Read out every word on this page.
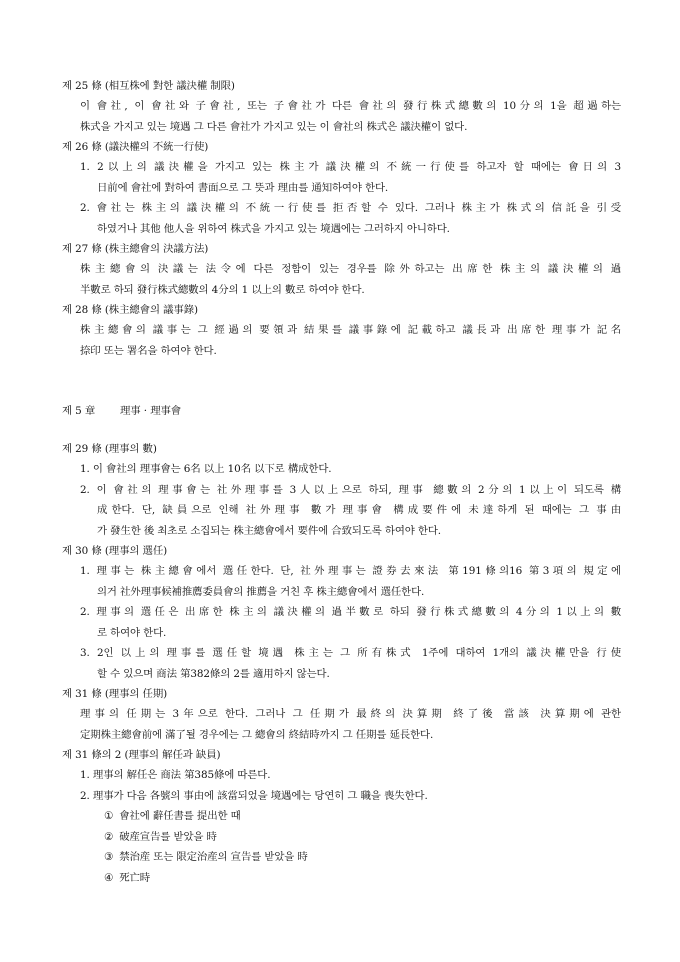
제 25 條 (相互株에 對한 議決權 制限)
이 會社, 이 會社와 子會社, 또는 子會社가 다른 會社의 發行株式總數의 10分의 1을 超過하는
株式을 가지고 있는 境遇 그 다른 會社가 가지고 있는 이 會社의 株式은 議決權이 없다.
제 26 條 (議決權의 不統一行使)
1. 2以上의 議決權을 가지고 있는 株主가 議決權의 不統一行使를 하고자 할 때에는 會日의 3
日前에 會社에 對하여 書面으로 그 뜻과 理由를 通知하여야 한다.
2. 會社는 株主의 議決權의 不統一行使를 拒否할 수 있다. 그러나 株主가 株式의 信託을 引受
하였거나 其他 他人을 위하여 株式을 가지고 있는 境遇에는 그러하지 아니하다.
제 27 條 (株主總會의 決議方法)
株主總會의 決議는 法令에 다른 정함이 있는 경우를 除外하고는 出席한 株主의 議決權의 過
半數로 하되 發行株式總數의 4分의 1 以上의 數로 하여야 한다.
제 28 條 (株主總會의 議事錄)
株主總會의 議事는 그 經過의 要領과 結果를 議事錄에 記載하고 議長과 出席한 理事가 記名
捺印 또는 署名을 하여야 한다.
제 5 章 理事 · 理事會
제 29 條 (理事의 數)
1. 이 會社의 理事會는 6名 以上 10名 以下로 構成한다.
2. 이 會社의 理事會는 社外理事를 3人以上으로 하되, 理事 總數의 2分의 1以上이 되도록 構
成한다. 단, 缺員으로 인해 社外理事 數가 理事會 構成要件에 未達하게 된 때에는 그 事由
가 發生한 後 최초로 소집되는 株主總會에서 要件에 合致되도록 하여야 한다.
제 30 條 (理事의 選任)
1. 理事는 株主總會에서 選任한다. 단, 社外理事는 證券去來法 第191條의16 第3項의 規定에
의거 社外理事候補推薦委員會의 推薦을 거친 후 株主總會에서 選任한다.
2. 理事의 選任은 出席한 株主의 議決權의 過半數로 하되 發行株式總數의 4分의 1以上의 數
로 하여야 한다.
3. 2인 以上의 理事를 選任할 境遇 株主는 그 所有株式 1주에 대하여 1개의 議決權만을 行使
할 수 있으며 商法 第382條의 2를 適用하지 않는다.
제 31 條 (理事의 任期)
理事의 任期는 3年으로 한다. 그러나 그 任期가 最終의 決算期 終了後 當該 決算期에 관한
定期株主總會前에 滿了될 경우에는 그 總會의 終結時까지 그 任期를 延長한다.
제 31 條의 2 (理事의 解任과 缺員)
1. 理事의 解任은 商法 第385條에 따른다.
2. 理事가 다음 各號의 事由에 該當되었을 境遇에는 당연히 그 職을 喪失한다.
① 會社에 辭任書를 提出한 때
② 破産宣告를 받았을 時
③ 禁治産 또는 限定治産의 宣告를 받았을 時
④ 死亡時
